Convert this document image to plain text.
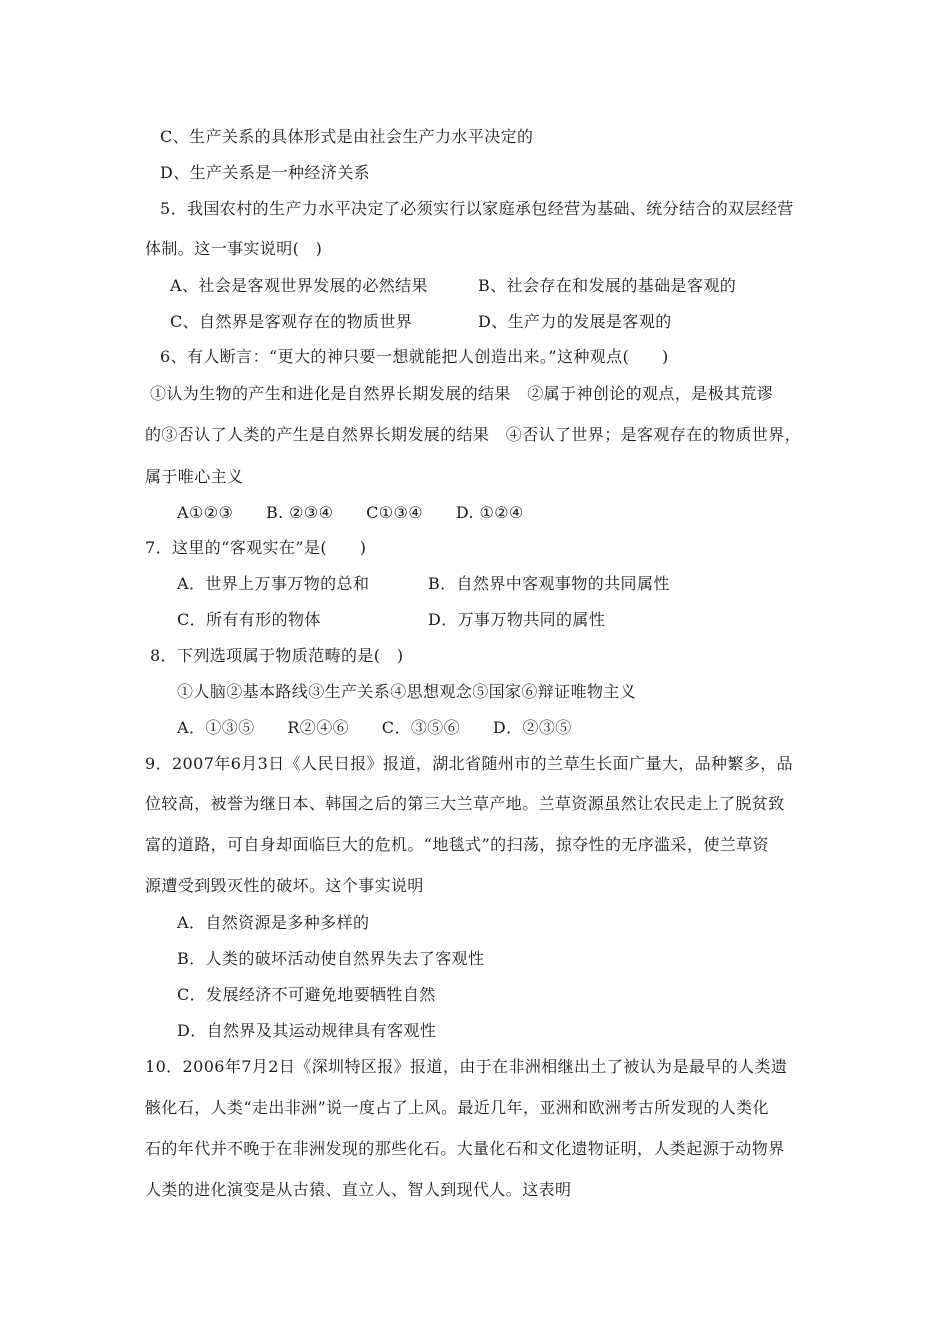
C、生产关系的具体形式是由社会生产力水平决定的
D、生产关系是一种经济关系
5．我国农村的生产力水平决定了必须实行以家庭承包经营为基础、统分结合的双层经营
体制。这一事实说明(　)
A、社会是客观世界发展的必然结果	B、社会存在和发展的基础是客观的
C、自然界是客观存在的物质世界	D、生产力的发展是客观的
6、有人断言：“更大的神只要一想就能把人创造出来。”这种观点(　　)
①认为生物的产生和进化是自然界长期发展的结果　②属于神创论的观点，是极其荒谬
的③否认了人类的产生是自然界长期发展的结果　④否认了世界；是客观存在的物质世界，
属于唯心主义
A①②③　　B. ②③④　　C①③④　　D. ①②④
7．这里的“客观实在”是(　　)
A．世界上万事万物的总和	B．自然界中客观事物的共同属性
C．所有有形的物体	D．万事万物共同的属性
8．下列选项属于物质范畴的是(　)
①人脑②基本路线③生产关系④思想观念⑤国家⑥辩证唯物主义
A．①③⑤　　R②④⑥　　C．③⑤⑥　　D．②③⑤
9．2007年6月3日《人民日报》报道，湖北省随州市的兰草生长面广量大，品种繁多，品
位较高，被誉为继日本、韩国之后的第三大兰草产地。兰草资源虽然让农民走上了脱贫致
富的道路，可自身却面临巨大的危机。“地毯式”的扫荡，掠夺性的无序滥采，使兰草资
源遭受到毁灭性的破坏。这个事实说明
A．自然资源是多种多样的
B．人类的破坏活动使自然界失去了客观性
C．发展经济不可避免地要牺牲自然
D．自然界及其运动规律具有客观性
10．2006年7月2日《深圳特区报》报道，由于在非洲相继出土了被认为是最早的人类遗
骸化石，人类“走出非洲”说一度占了上风。最近几年，亚洲和欧洲考古所发现的人类化
石的年代并不晚于在非洲发现的那些化石。大量化石和文化遗物证明，人类起源于动物界
人类的进化演变是从古猿、直立人、智人到现代人。这表明
